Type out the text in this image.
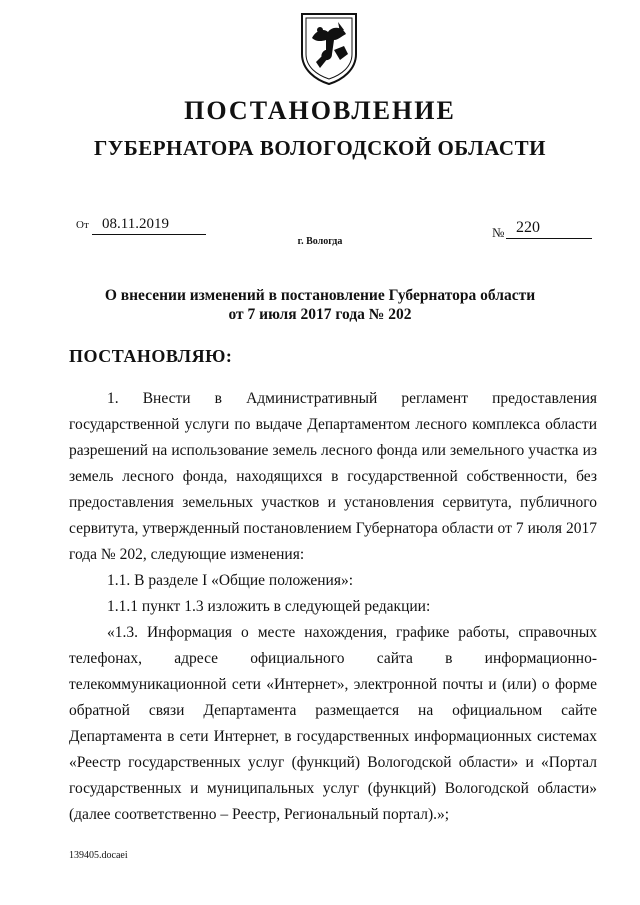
ПОСТАНОВЛЕНИЕ
ГУБЕРНАТОРА ВОЛОГОДСКОЙ ОБЛАСТИ
От 08.11.2019
№ 220
г. Вологда
О внесении изменений в постановление Губернатора области
от 7 июля 2017 года № 202
ПОСТАНОВЛЯЮ:

1. Внести в Административный регламент предоставления государственной услуги по выдаче Департаментом лесного комплекса области разрешений на использование земель лесного фонда или земельного участка из земель лесного фонда, находящихся в государственной собственности, без предоставления земельных участков и установления сервитута, публичного сервитута, утвержденный постановлением Губернатора области от 7 июля 2017 года № 202, следующие изменения:

1.1. В разделе I «Общие положения»:

1.1.1 пункт 1.3 изложить в следующей редакции:

«1.3. Информация о месте нахождения, графике работы, справочных телефонах, адресе официального сайта в информационно-телекоммуникационной сети «Интернет», электронной почты и (или) о форме обратной связи Департамента размещается на официальном сайте Департамента в сети Интернет, в государственных информационных системах «Реестр государственных услуг (функций) Вологодской области» и «Портал государственных и муниципальных услуг (функций) Вологодской области» (далее соответственно – Реестр, Региональный портал).»;

139405.docaei
